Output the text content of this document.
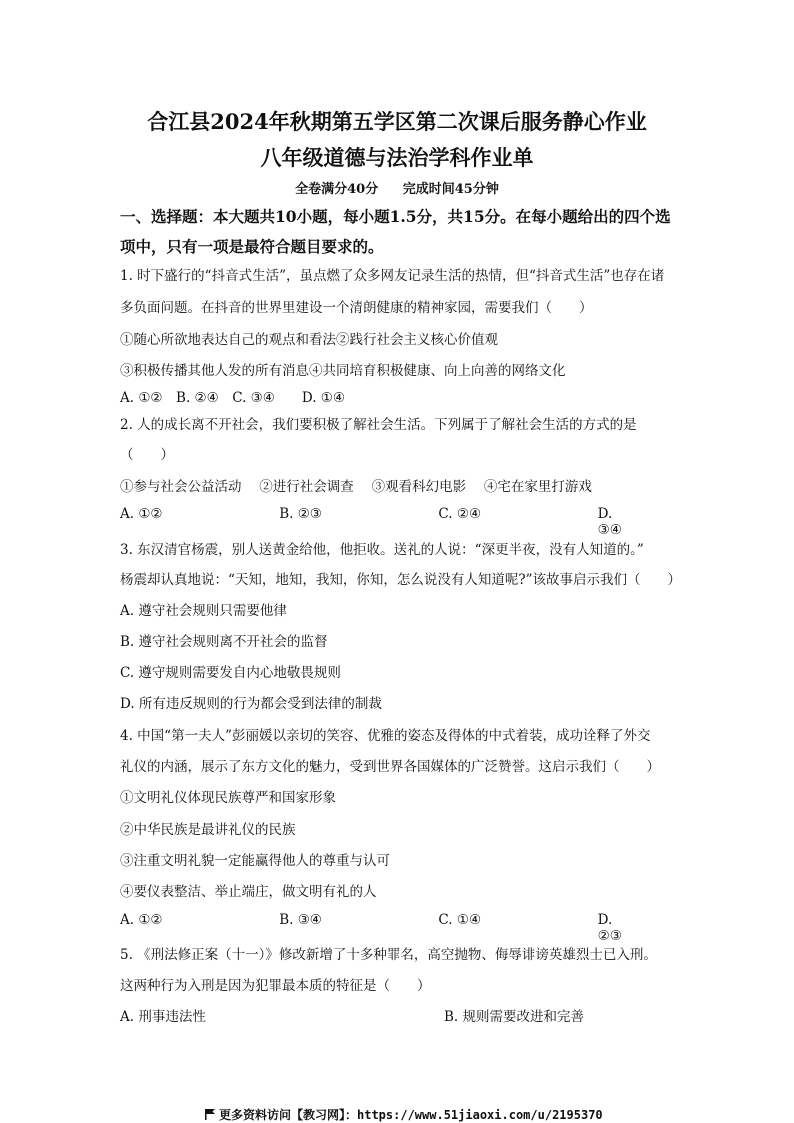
合江县2024年秋期第五学区第二次课后服务静心作业
八年级道德与法治学科作业单
全卷满分40分 完成时间45分钟
一、选择题：本大题共10小题，每小题1.5分，共15分。在每小题给出的四个选项中，只有一项是最符合题目要求的。
1. 时下盛行的“抖音式生活”，虽点燃了众多网友记录生活的热情，但“抖音式生活”也存在诸
多负面问题。在抖音的世界里建设一个清朗健康的精神家园，需要我们（　　）
①随心所欲地表达自己的观点和看法②践行社会主义核心价值观
③积极传播其他人发的所有消息④共同培育积极健康、向上向善的网络文化
A. ①②　B. ②④　C. ③④　　D. ①④
2. 人的成长离不开社会，我们要积极了解社会生活。下列属于了解社会生活的方式的是
（　　）
①参与社会公益活动　 ②进行社会调查　 ③观看科幻电影　 ④宅在家里打游戏
A. ①②	B. ②③	C. ②④	D. ③④
3. 东汉清官杨震，别人送黄金给他，他拒收。送礼的人说：“深更半夜，没有人知道的。”
杨震却认真地说：“天知，地知，我知，你知，怎么说没有人知道呢?”该故事启示我们（　　）
A. 遵守社会规则只需要他律
B. 遵守社会规则离不开社会的监督
C. 遵守规则需要发自内心地敬畏规则
D. 所有违反规则的行为都会受到法律的制裁
4. 中国“第一夫人”彭丽媛以亲切的笑容、优雅的姿态及得体的中式着装，成功诠释了外交
礼仪的内涵，展示了东方文化的魅力，受到世界各国媒体的广泛赞誉。这启示我们（　　）
①文明礼仪体现民族尊严和国家形象
②中华民族是最讲礼仪的民族
③注重文明礼貌一定能赢得他人的尊重与认可
④要仪表整洁、举止端庄，做文明有礼的人
A. ①②	B. ③④	C. ①④	D. ②③
5. 《刑法修正案（十一）》修改新增了十多种罪名，高空抛物、侮辱诽谤英雄烈士已入刑。
这两种行为入刑是因为犯罪最本质的特征是（　　）
A. 刑事违法性	B. 规则需要改进和完善
更多资料访问【教习网】：https://www.51jiaoxi.com/u/2195370
